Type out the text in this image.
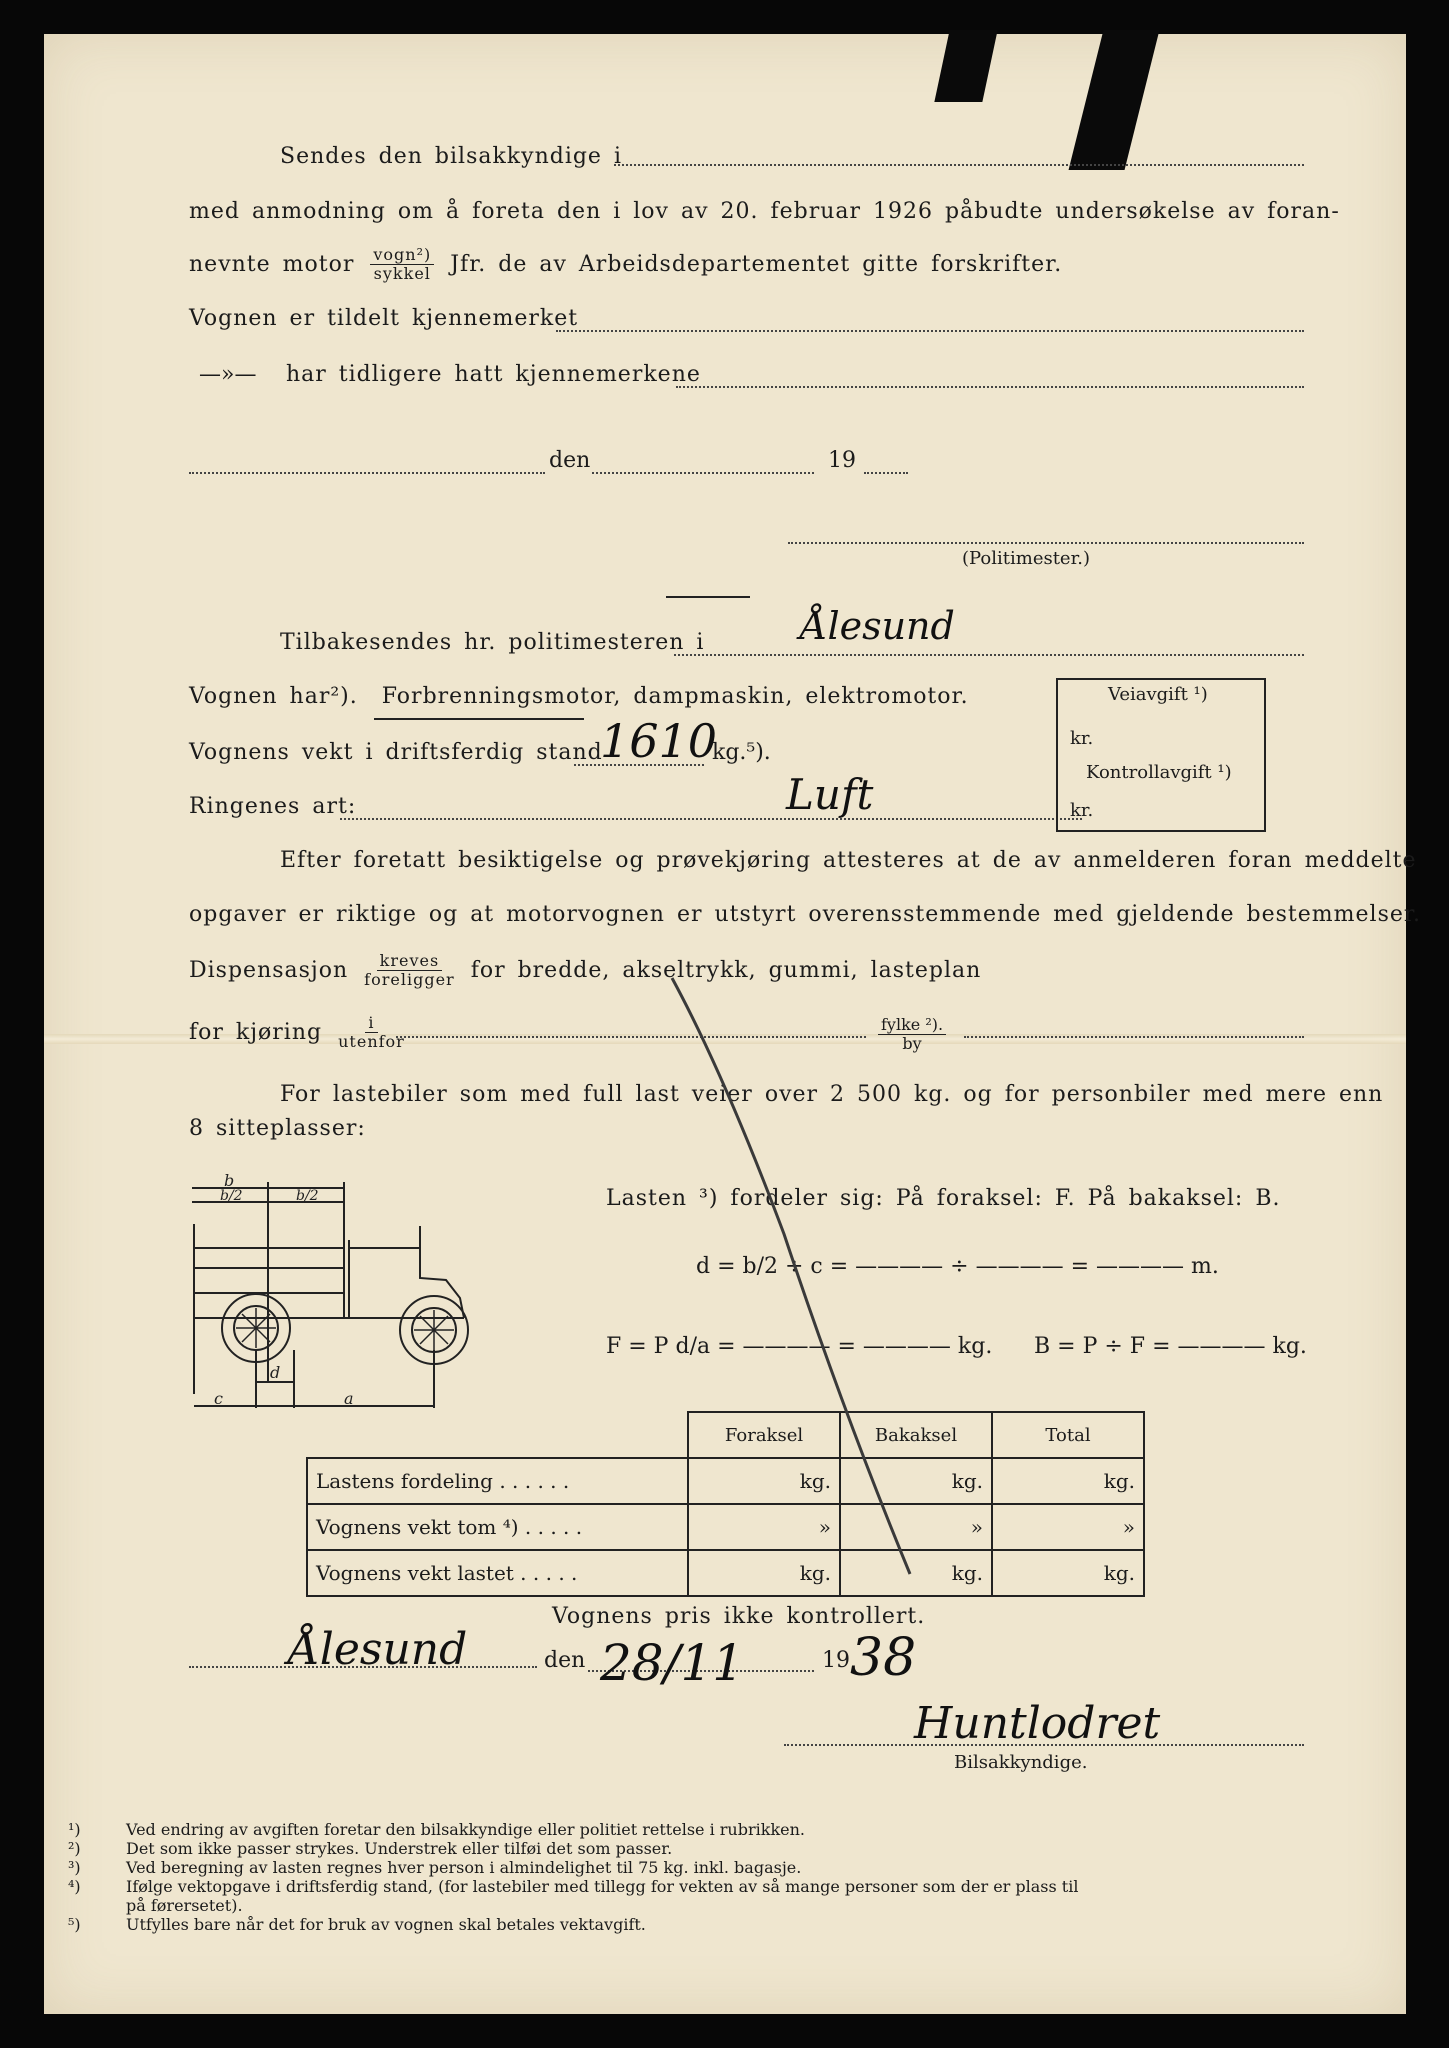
Sendes den bilsakkyndige i
med anmodning om å foreta den i lov av 20. februar 1926 påbudte undersøkelse av foran-
nevnte motor $\frac{\text{vogn²)}}{\text{sykkel}}$ Jfr. de av Arbeidsdepartementet gitte forskrifter.
Vognen er tildelt kjennemerket
—»— har tidligere hatt kjennemerkene
den	19
(Politimester.)
Tilbakesendes hr. politimesteren i	Ålesund
Vognen har²). Forbrenningsmotor, dampmaskin, elektromotor.
Vognens vekt i driftsferdig stand
1610
kg.⁵).
Ringenes art:	Luft
Veiavgift ¹)
kr.
Kontrollavgift ¹)
kr.
Efter foretatt besiktigelse og prøvekjøring attesteres at de av anmelderen foran meddelte
opgaver er riktige og at motorvognen er utstyrt overensstemmende med gjeldende bestemmelser.
Dispensasjon $\frac{\text{kreves}}{\text{foreligger}}$ for bredde, akseltrykk, gummi, lasteplan
for kjøring $\frac{i}{\text{utenfor}}$	$\frac{\text{fylke ²).}}{by}$
For lastebiler som med full last veier over 2 500 kg. og for personbiler med mere enn
8 sitteplasser:
b
b/2	b/2
d
c	a
Lasten ³) fordeler sig: På foraksel: F. På bakaksel: B.
d = b/2 ÷ c = ———— ÷ ———— = ———— m.
F = P d/a = ———— = ———— kg. B = P ÷ F = ———— kg.
	Foraksel	Bakaksel	Total
Lastens fordeling . . . . . .	kg.	kg.	kg.
Vognens vekt tom ⁴) . . . . .	»	»	»
Vognens vekt lastet . . . . .	kg.	kg.	kg.
Vognens pris ikke kontrollert.
Ålesund	den 28/11	19 38
Huntlodret
Bilsakkyndige.
¹)	Ved endring av avgiften foretar den bilsakkyndige eller politiet rettelse i rubrikken.
²)	Det som ikke passer strykes. Understrek eller tilføi det som passer.
³)	Ved beregning av lasten regnes hver person i almindelighet til 75 kg. inkl. bagasje.
⁴)	Ifølge vektopgave i driftsferdig stand, (for lastebiler med tillegg for vekten av så mange personer som der er plass til
på førersetet).
⁵)	Utfylles bare når det for bruk av vognen skal betales vektavgift.
